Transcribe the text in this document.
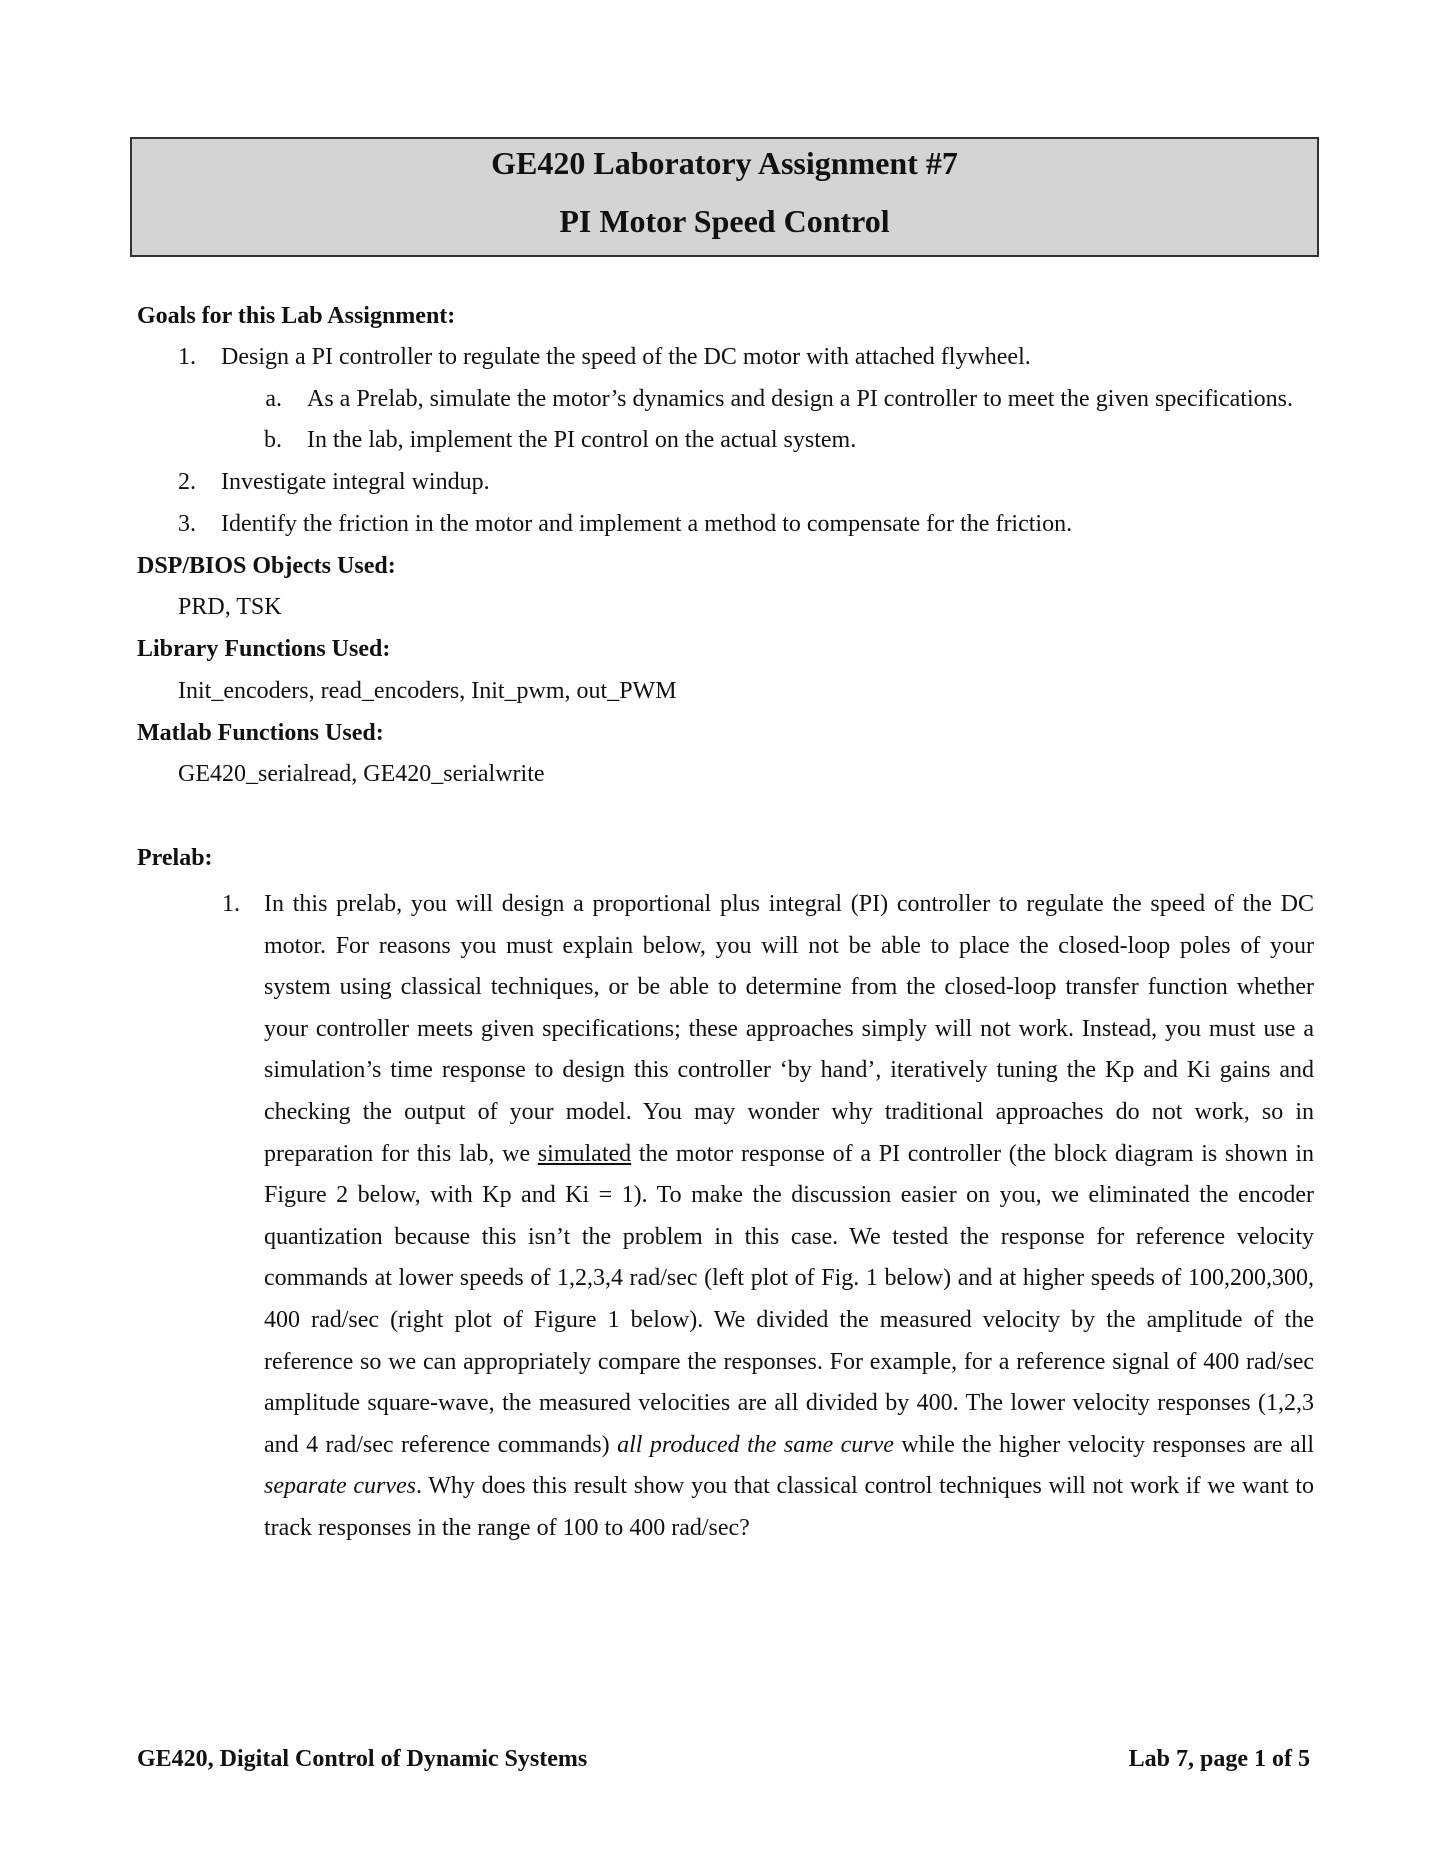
GE420 Laboratory Assignment #7
PI Motor Speed Control
Goals for this Lab Assignment:
1. Design a PI controller to regulate the speed of the DC motor with attached flywheel.
a. As a Prelab, simulate the motor’s dynamics and design a PI controller to meet the given specifications.
b. In the lab, implement the PI control on the actual system.
2. Investigate integral windup.
3. Identify the friction in the motor and implement a method to compensate for the friction.
DSP/BIOS Objects Used:
PRD, TSK
Library Functions Used:
Init_encoders, read_encoders, Init_pwm, out_PWM
Matlab Functions Used:
GE420_serialread, GE420_serialwrite
Prelab:
1. In this prelab, you will design a proportional plus integral (PI) controller to regulate the speed of the DC motor. For reasons you must explain below, you will not be able to place the closed-loop poles of your system using classical techniques, or be able to determine from the closed-loop transfer function whether your controller meets given specifications; these approaches simply will not work. Instead, you must use a simulation’s time response to design this controller ‘by hand’, iteratively tuning the Kp and Ki gains and checking the output of your model. You may wonder why traditional approaches do not work, so in preparation for this lab, we simulated the motor response of a PI controller (the block diagram is shown in Figure 2 below, with Kp and Ki = 1). To make the discussion easier on you, we eliminated the encoder quantization because this isn’t the problem in this case. We tested the response for reference velocity commands at lower speeds of 1,2,3,4 rad/sec (left plot of Fig. 1 below) and at higher speeds of 100,200,300, 400 rad/sec (right plot of Figure 1 below). We divided the measured velocity by the amplitude of the reference so we can appropriately compare the responses. For example, for a reference signal of 400 rad/sec amplitude square-wave, the measured velocities are all divided by 400. The lower velocity responses (1,2,3 and 4 rad/sec reference commands) all produced the same curve while the higher velocity responses are all separate curves. Why does this result show you that classical control techniques will not work if we want to track responses in the range of 100 to 400 rad/sec?
GE420, Digital Control of Dynamic Systems	Lab 7, page 1 of 5
